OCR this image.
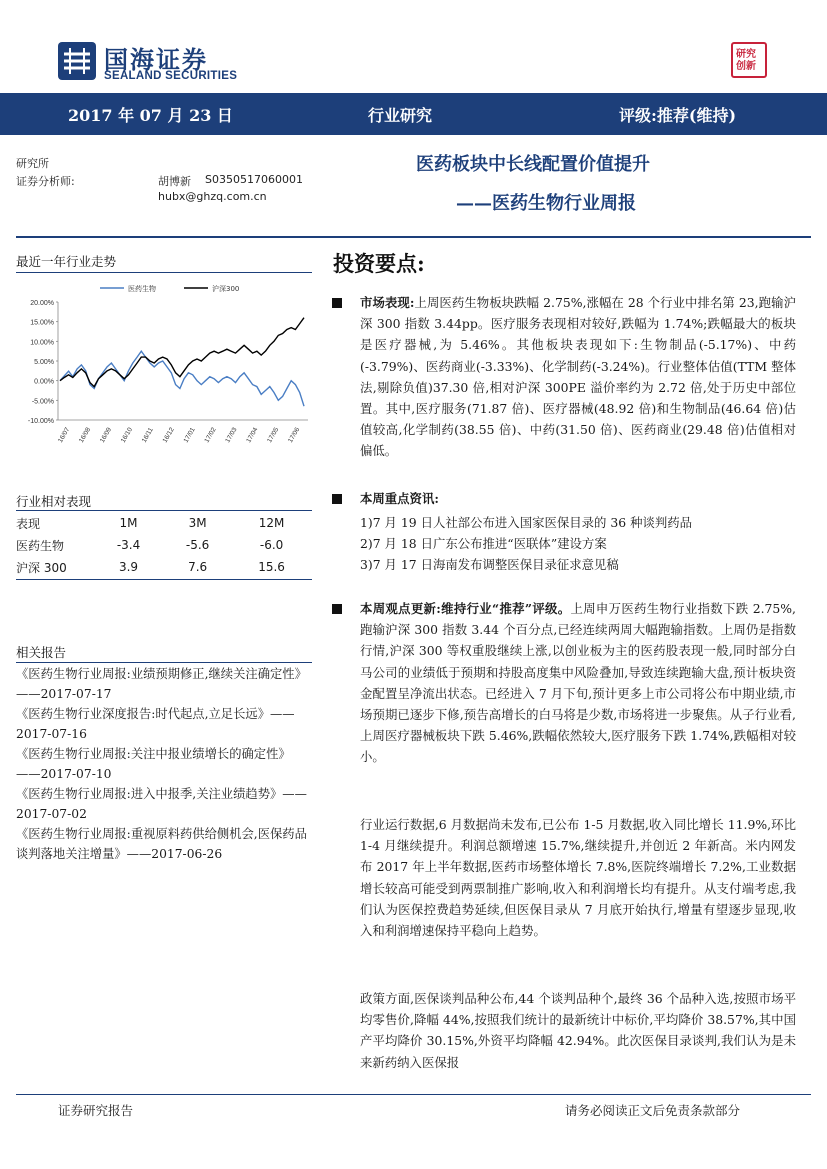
国海证券
SEALAND SECURITIES
研究创新
2017 年 07 月 23 日	行业研究	评级:推荐(维持)
研究所
证券分析师:	胡博新 S0350517060001
hubx@ghzq.com.cn
医药板块中长线配置价值提升
——医药生物行业周报
最近一年行业走势
20.00%
15.00%
10.00%
5.00%
0.00%
-5.00%
-10.00%
16/07 16/08 16/09 16/10 16/11 16/12 17/01 17/02 17/03 17/04 17/05 17/06
医药生物	沪深300
行业相对表现
表现	1M	3M	12M
医药生物	-3.4	-5.6	-6.0
沪深 300	3.9	7.6	15.6
相关报告

《医药生物行业周报:业绩预期修正,继续关注确定性》——2017-07-17

《医药生物行业深度报告:时代起点,立足长远》——2017-07-16

《医药生物行业周报:关注中报业绩增长的确定性》——2017-07-10

《医药生物行业周报:进入中报季,关注业绩趋势》——2017-07-02

《医药生物行业周报:重视原料药供给侧机会,医保药品谈判落地关注增量》——2017-06-26

投资要点:
市场表现:上周医药生物板块跌幅 2.75%,涨幅在 28 个行业中排名第 23,跑输沪深 300 指数 3.44pp。医疗服务表现相对较好,跌幅为 1.74%;跌幅最大的板块是医疗器械,为 5.46%。其他板块表现如下:生物制品(-5.17%)、中药(-3.79%)、医药商业(-3.33%)、化学制药(-3.24%)。行业整体估值(TTM 整体法,剔除负值)37.30 倍,相对沪深 300PE 溢价率约为 2.72 倍,处于历史中部位置。其中,医疗服务(71.87 倍)、医疗器械(48.92 倍)和生物制品(46.64 倍)估值较高,化学制药(38.55 倍)、中药(31.50 倍)、医药商业(29.48 倍)估值相对偏低。
本周重点资讯:
1)7 月 19 日人社部公布进入国家医保目录的 36 种谈判药品
2)7 月 18 日广东公布推进“医联体”建设方案
3)7 月 17 日海南发布调整医保目录征求意见稿
本周观点更新:维持行业“推荐”评级。上周申万医药生物行业指数下跌 2.75%,跑输沪深 300 指数 3.44 个百分点,已经连续两周大幅跑输指数。上周仍是指数行情,沪深 300 等权重股继续上涨,以创业板为主的医药股表现一般,同时部分白马公司的业绩低于预期和持股高度集中风险叠加,导致连续跑输大盘,预计板块资金配置呈净流出状态。已经进入 7 月下旬,预计更多上市公司将公布中期业绩,市场预期已逐步下修,预告高增长的白马将是少数,市场将进一步聚焦。从子行业看,上周医疗器械板块下跌 5.46%,跌幅依然较大,医疗服务下跌 1.74%,跌幅相对较小。
行业运行数据,6 月数据尚未发布,已公布 1-5 月数据,收入同比增长 11.9%,环比 1-4 月继续提升。利润总额增速 15.7%,继续提升,并创近 2 年新高。米内网发布 2017 年上半年数据,医药市场整体增长 7.8%,医院终端增长 7.2%,工业数据增长较高可能受到两票制推广影响,收入和利润增长均有提升。从支付端考虑,我们认为医保控费趋势延续,但医保目录从 7 月底开始执行,增量有望逐步显现,收入和利润增速保持平稳向上趋势。
政策方面,医保谈判品种公布,44 个谈判品种个,最终 36 个品种入选,按照市场平均零售价,降幅 44%,按照我们统计的最新统计中标价,平均降价 38.57%,其中国产平均降价 30.15%,外资平均降幅 42.94%。此次医保目录谈判,我们认为是未来新药纳入医保报
证券研究报告	请务必阅读正文后免责条款部分
